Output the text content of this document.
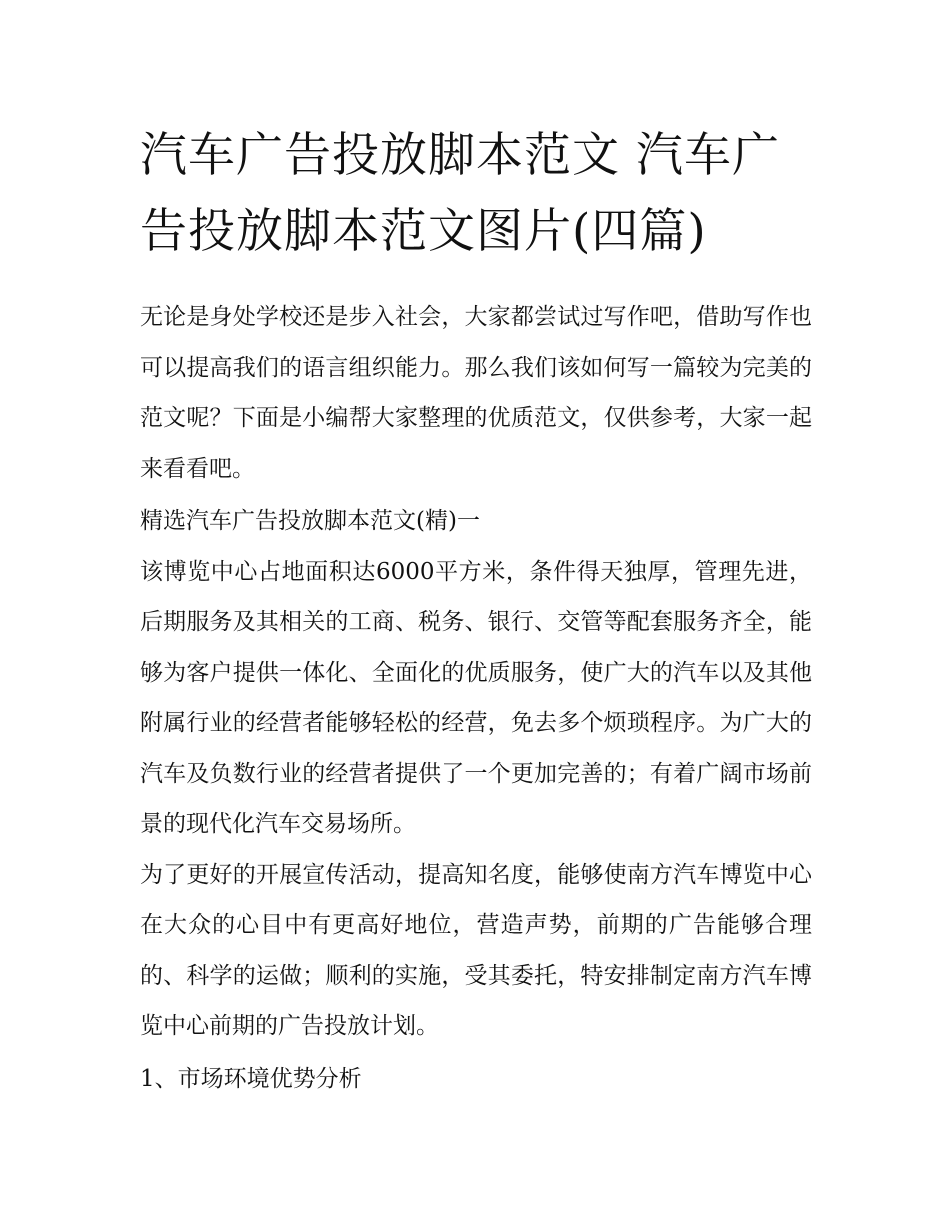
汽车广告投放脚本范文 汽车广告投放脚本范文图片(四篇)

无论是身处学校还是步入社会，大家都尝试过写作吧，借助写作也可以提高我们的语言组织能力。那么我们该如何写一篇较为完美的范文呢？下面是小编帮大家整理的优质范文，仅供参考，大家一起来看看吧。

精选汽车广告投放脚本范文(精)一

该博览中心占地面积达6000平方米，条件得天独厚，管理先进，后期服务及其相关的工商、税务、银行、交管等配套服务齐全，能够为客户提供一体化、全面化的优质服务，使广大的汽车以及其他附属行业的经营者能够轻松的经营，免去多个烦琐程序。为广大的汽车及负数行业的经营者提供了一个更加完善的；有着广阔市场前景的现代化汽车交易场所。

为了更好的开展宣传活动，提高知名度，能够使南方汽车博览中心在大众的心目中有更高好地位，营造声势，前期的广告能够合理的、科学的运做；顺利的实施，受其委托，特安排制定南方汽车博览中心前期的广告投放计划。

1、市场环境优势分析
